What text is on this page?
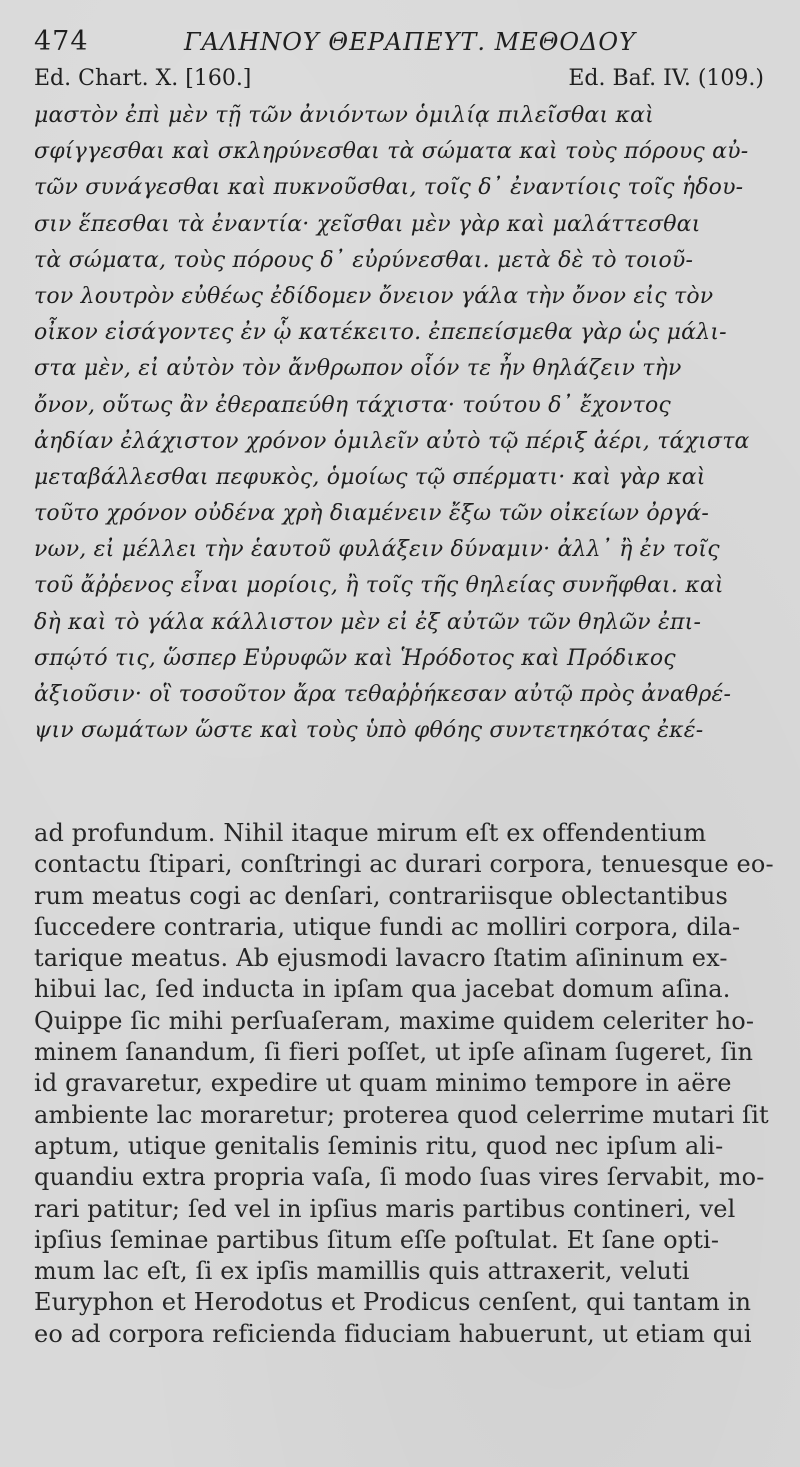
474	ΓΑΛΗΝΟΥ ΘΕΡΑΠΕΥΤ. ΜΕΘΟΔΟΥ
Ed. Chart. X. [160.]	Ed. Baf. IV. (109.)
μαστὸν ἐπὶ μὲν τῇ τῶν ἀνιόντων ὁμιλίᾳ πιλεῖσθαι καὶ
σφίγγεσθαι καὶ σκληρύνεσθαι τὰ σώματα καὶ τοὺς πόρους αὐ-
τῶν συνάγεσθαι καὶ πυκνοῦσθαι, τοῖς δ᾽ ἐναντίοις τοῖς ἡδου-
σιν ἕπεσθαι τὰ ἐναντία· χεῖσθαι μὲν γὰρ καὶ μαλάττεσθαι
τὰ σώματα, τοὺς πόρους δ᾽ εὐρύνεσθαι. μετὰ δὲ τὸ τοιοῦ-
τον λουτρὸν εὐθέως ἐδίδομεν ὄνειον γάλα τὴν ὄνον εἰς τὸν
οἶκον εἰσάγοντες ἐν ᾧ κατέκειτο. ἐπεπείσμεθα γὰρ ὡς μάλι-
στα μὲν, εἰ αὐτὸν τὸν ἄνθρωπον οἷόν τε ἦν θηλάζειν τὴν
ὄνον, οὕτως ἂν ἐθεραπεύθη τάχιστα· τούτου δ᾽ ἔχοντος
ἀηδίαν ἐλάχιστον χρόνον ὁμιλεῖν αὐτὸ τῷ πέριξ ἀέρι, τάχιστα
μεταβάλλεσθαι πεφυκὸς, ὁμοίως τῷ σπέρματι· καὶ γὰρ καὶ
τοῦτο χρόνον οὐδένα χρὴ διαμένειν ἔξω τῶν οἰκείων ὀργά-
νων, εἰ μέλλει τὴν ἑαυτοῦ φυλάξειν δύναμιν· ἀλλ᾽ ἢ ἐν τοῖς
τοῦ ἄῤῥενος εἶναι μορίοις, ἢ τοῖς τῆς θηλείας συνῆφθαι. καὶ
δὴ καὶ τὸ γάλα κάλλιστον μὲν εἰ ἐξ αὐτῶν τῶν θηλῶν ἐπι-
σπῴτό τις, ὥσπερ Εὐρυφῶν καὶ Ἡρόδοτος καὶ Πρόδικος
ἀξιοῦσιν· οἳ τοσοῦτον ἄρα τεθαῤῥήκεσαν αὐτῷ πρὸς ἀναθρέ-
ψιν σωμάτων ὥστε καὶ τοὺς ὑπὸ φθόης συντετηκότας ἐκέ-
ad profundum. Nihil itaque mirum eſt ex offendentium
contactu ſtipari, conſtringi ac durari corpora, tenuesque eo-
rum meatus cogi ac denſari, contrariisque oblectantibus
ſuccedere contraria, utique fundi ac molliri corpora, dila-
tarique meatus. Ab ejusmodi lavacro ſtatim aſininum ex-
hibui lac, ſed inducta in ipſam qua jacebat domum aſina.
Quippe ſic mihi perſuaſeram, maxime quidem celeriter ho-
minem ſanandum, ſi fieri poſſet, ut ipſe aſinam ſugeret, ſin
id gravaretur, expedire ut quam minimo tempore in aëre
ambiente lac moraretur; proterea quod celerrime mutari ſit
aptum, utique genitalis ſeminis ritu, quod nec ipſum ali-
quandiu extra propria vaſa, ſi modo ſuas vires ſervabit, mo-
rari patitur; ſed vel in ipſius maris partibus contineri, vel
ipſius ſeminae partibus ſitum eſſe poſtulat. Et ſane opti-
mum lac eſt, ſi ex ipſis mamillis quis attraxerit, veluti
Euryphon et Herodotus et Prodicus cenſent, qui tantam in
eo ad corpora reficienda fiduciam habuerunt, ut etiam qui
